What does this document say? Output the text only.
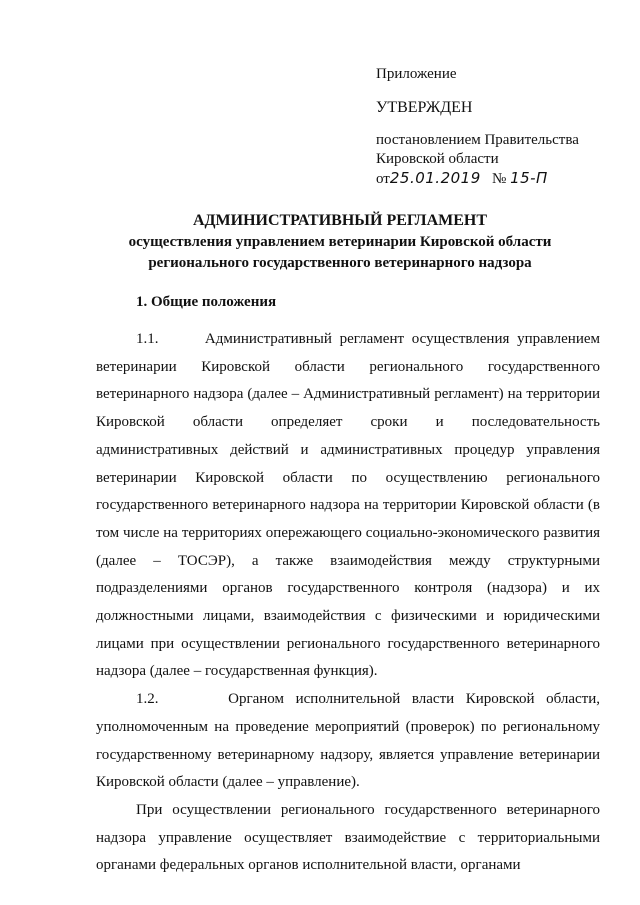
Приложение
УТВЕРЖДЕН
постановлением Правительства
Кировской области
от25.01.2019 № 15-П
АДМИНИСТРАТИВНЫЙ РЕГЛАМЕНТ
осуществления управлением ветеринарии Кировской области
регионального государственного ветеринарного надзора
1. Общие положения

1.1.	Административный регламент осуществления управлением ветеринарии Кировской области регионального государственного ветеринарного надзора (далее – Административный регламент) на территории Кировской области определяет сроки и последовательность административных действий и административных процедур управления ветеринарии Кировской области по осуществлению регионального государственного ветеринарного надзора на территории Кировской области (в том числе на территориях опережающего социально-экономического развития (далее – ТОСЭР), а также взаимодействия между структурными подразделениями органов государственного контроля (надзора) и их должностными лицами, взаимодействия с физическими и юридическими лицами при осуществлении регионального государственного ветеринарного надзора (далее – государственная функция).

1.2.	Органом исполнительной власти Кировской области, уполномоченным на проведение мероприятий (проверок) по региональному государственному ветеринарному надзору, является управление ветеринарии Кировской области (далее – управление).

При осуществлении регионального государственного ветеринарного надзора управление осуществляет взаимодействие с территориальными органами федеральных органов исполнительной власти, органами
